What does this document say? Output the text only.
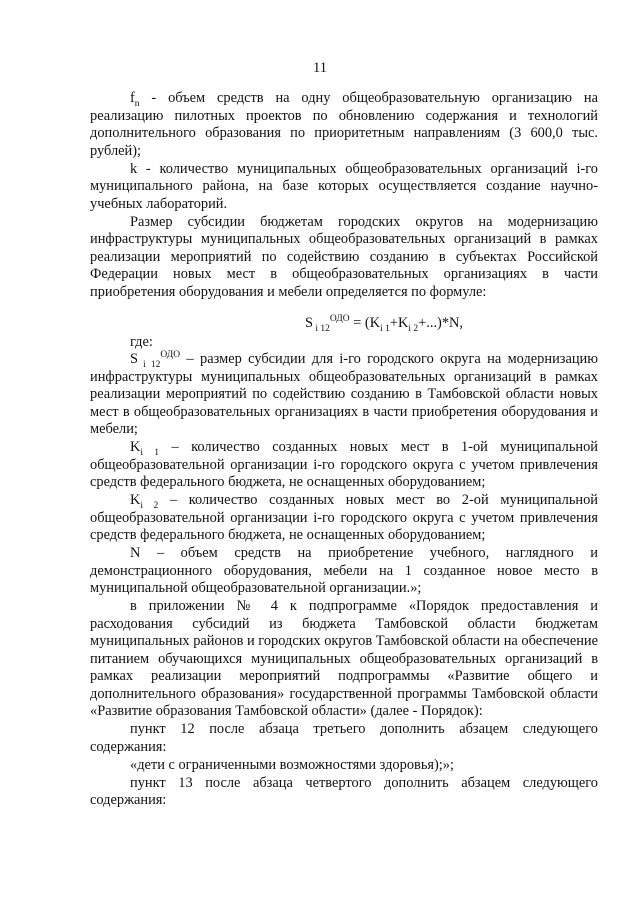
11

$f_n$ - объем средств на одну общеобразовательную организацию на реализацию пилотных проектов по обновлению содержания и технологий дополнительного образования по приоритетным направлениям (3 600,0 тыс. рублей);

k - количество муниципальных общеобразовательных организаций i-го муниципального района, на базе которых осуществляется создание научно-учебных лабораторий.

Размер субсидии бюджетам городских округов на модернизацию инфраструктуры муниципальных общеобразовательных организаций в рамках реализации мероприятий по содействию созданию в субъектах Российской Федерации новых мест в общеобразовательных организациях в части приобретения оборудования и мебели определяется по формуле:

S $_{i 12}^{ОДО} = (K_{i 1}+K_{i 2}+...)*N$,

где:

S $_{i 12}^{ОДО}$ – размер субсидии для i-го городского округа на модернизацию инфраструктуры муниципальных общеобразовательных организаций в рамках реализации мероприятий по содействию созданию в Тамбовской области новых мест в общеобразовательных организациях в части приобретения оборудования и мебели;

$K_{i 1}$ – количество созданных новых мест в 1-ой муниципальной общеобразовательной организации i-го городского округа с учетом привлечения средств федерального бюджета, не оснащенных оборудованием;

$K_{i 2}$ – количество созданных новых мест во 2-ой муниципальной общеобразовательной организации i-го городского округа с учетом привлечения средств федерального бюджета, не оснащенных оборудованием;

N – объем средств на приобретение учебного, наглядного и демонстрационного оборудования, мебели на 1 созданное новое место в муниципальной общеобразовательной организации.»;

в приложении № 4 к подпрограмме «Порядок предоставления и расходования субсидий из бюджета Тамбовской области бюджетам муниципальных районов и городских округов Тамбовской области на обеспечение питанием обучающихся муниципальных общеобразовательных организаций в рамках реализации мероприятий подпрограммы «Развитие общего и дополнительного образования» государственной программы Тамбовской области «Развитие образования Тамбовской области» (далее - Порядок):

пункт 12 после абзаца третьего дополнить абзацем следующего содержания:

«дети с ограниченными возможностями здоровья);»;

пункт 13 после абзаца четвертого дополнить абзацем следующего содержания:
